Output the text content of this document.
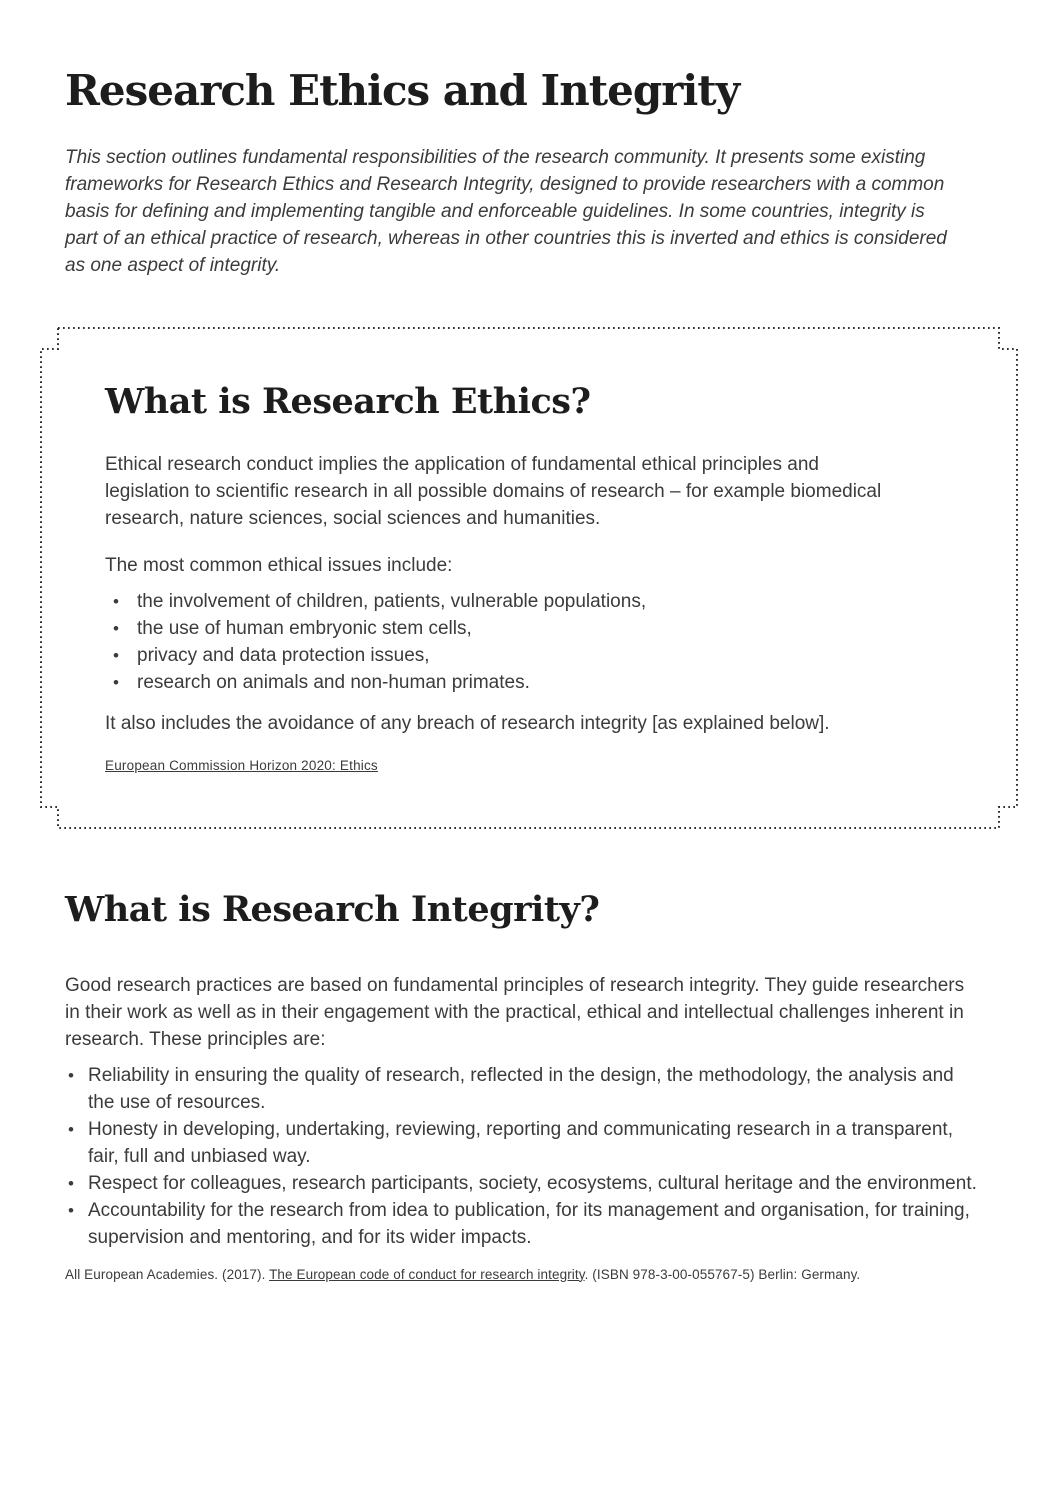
Research Ethics and Integrity

This section outlines fundamental responsibilities of the research community. It presents some existing frameworks for Research Ethics and Research Integrity, designed to provide researchers with a common basis for defining and implementing tangible and enforceable guidelines. In some countries, integrity is part of an ethical practice of research, whereas in other countries this is inverted and ethics is considered as one aspect of integrity.

What is Research Ethics?

Ethical research conduct implies the application of fundamental ethical principles and legislation to scientific research in all possible domains of research – for example biomedical research, nature sciences, social sciences and humanities.

The most common ethical issues include:

• the involvement of children, patients, vulnerable populations,
• the use of human embryonic stem cells,
• privacy and data protection issues,
• research on animals and non-human primates.

It also includes the avoidance of any breach of research integrity [as explained below].

European Commission Horizon 2020: Ethics
What is Research Integrity?

Good research practices are based on fundamental principles of research integrity. They guide researchers in their work as well as in their engagement with the practical, ethical and intellectual challenges inherent in research. These principles are:

• Reliability in ensuring the quality of research, reflected in the design, the methodology, the analysis and the use of resources.
• Honesty in developing, undertaking, reviewing, reporting and communicating research in a transparent, fair, full and unbiased way.
• Respect for colleagues, research participants, society, ecosystems, cultural heritage and the environment.
• Accountability for the research from idea to publication, for its management and organisation, for training, supervision and mentoring, and for its wider impacts.

All European Academies. (2017). The European code of conduct for research integrity. (ISBN 978-3-00-055767-5) Berlin: Germany.
